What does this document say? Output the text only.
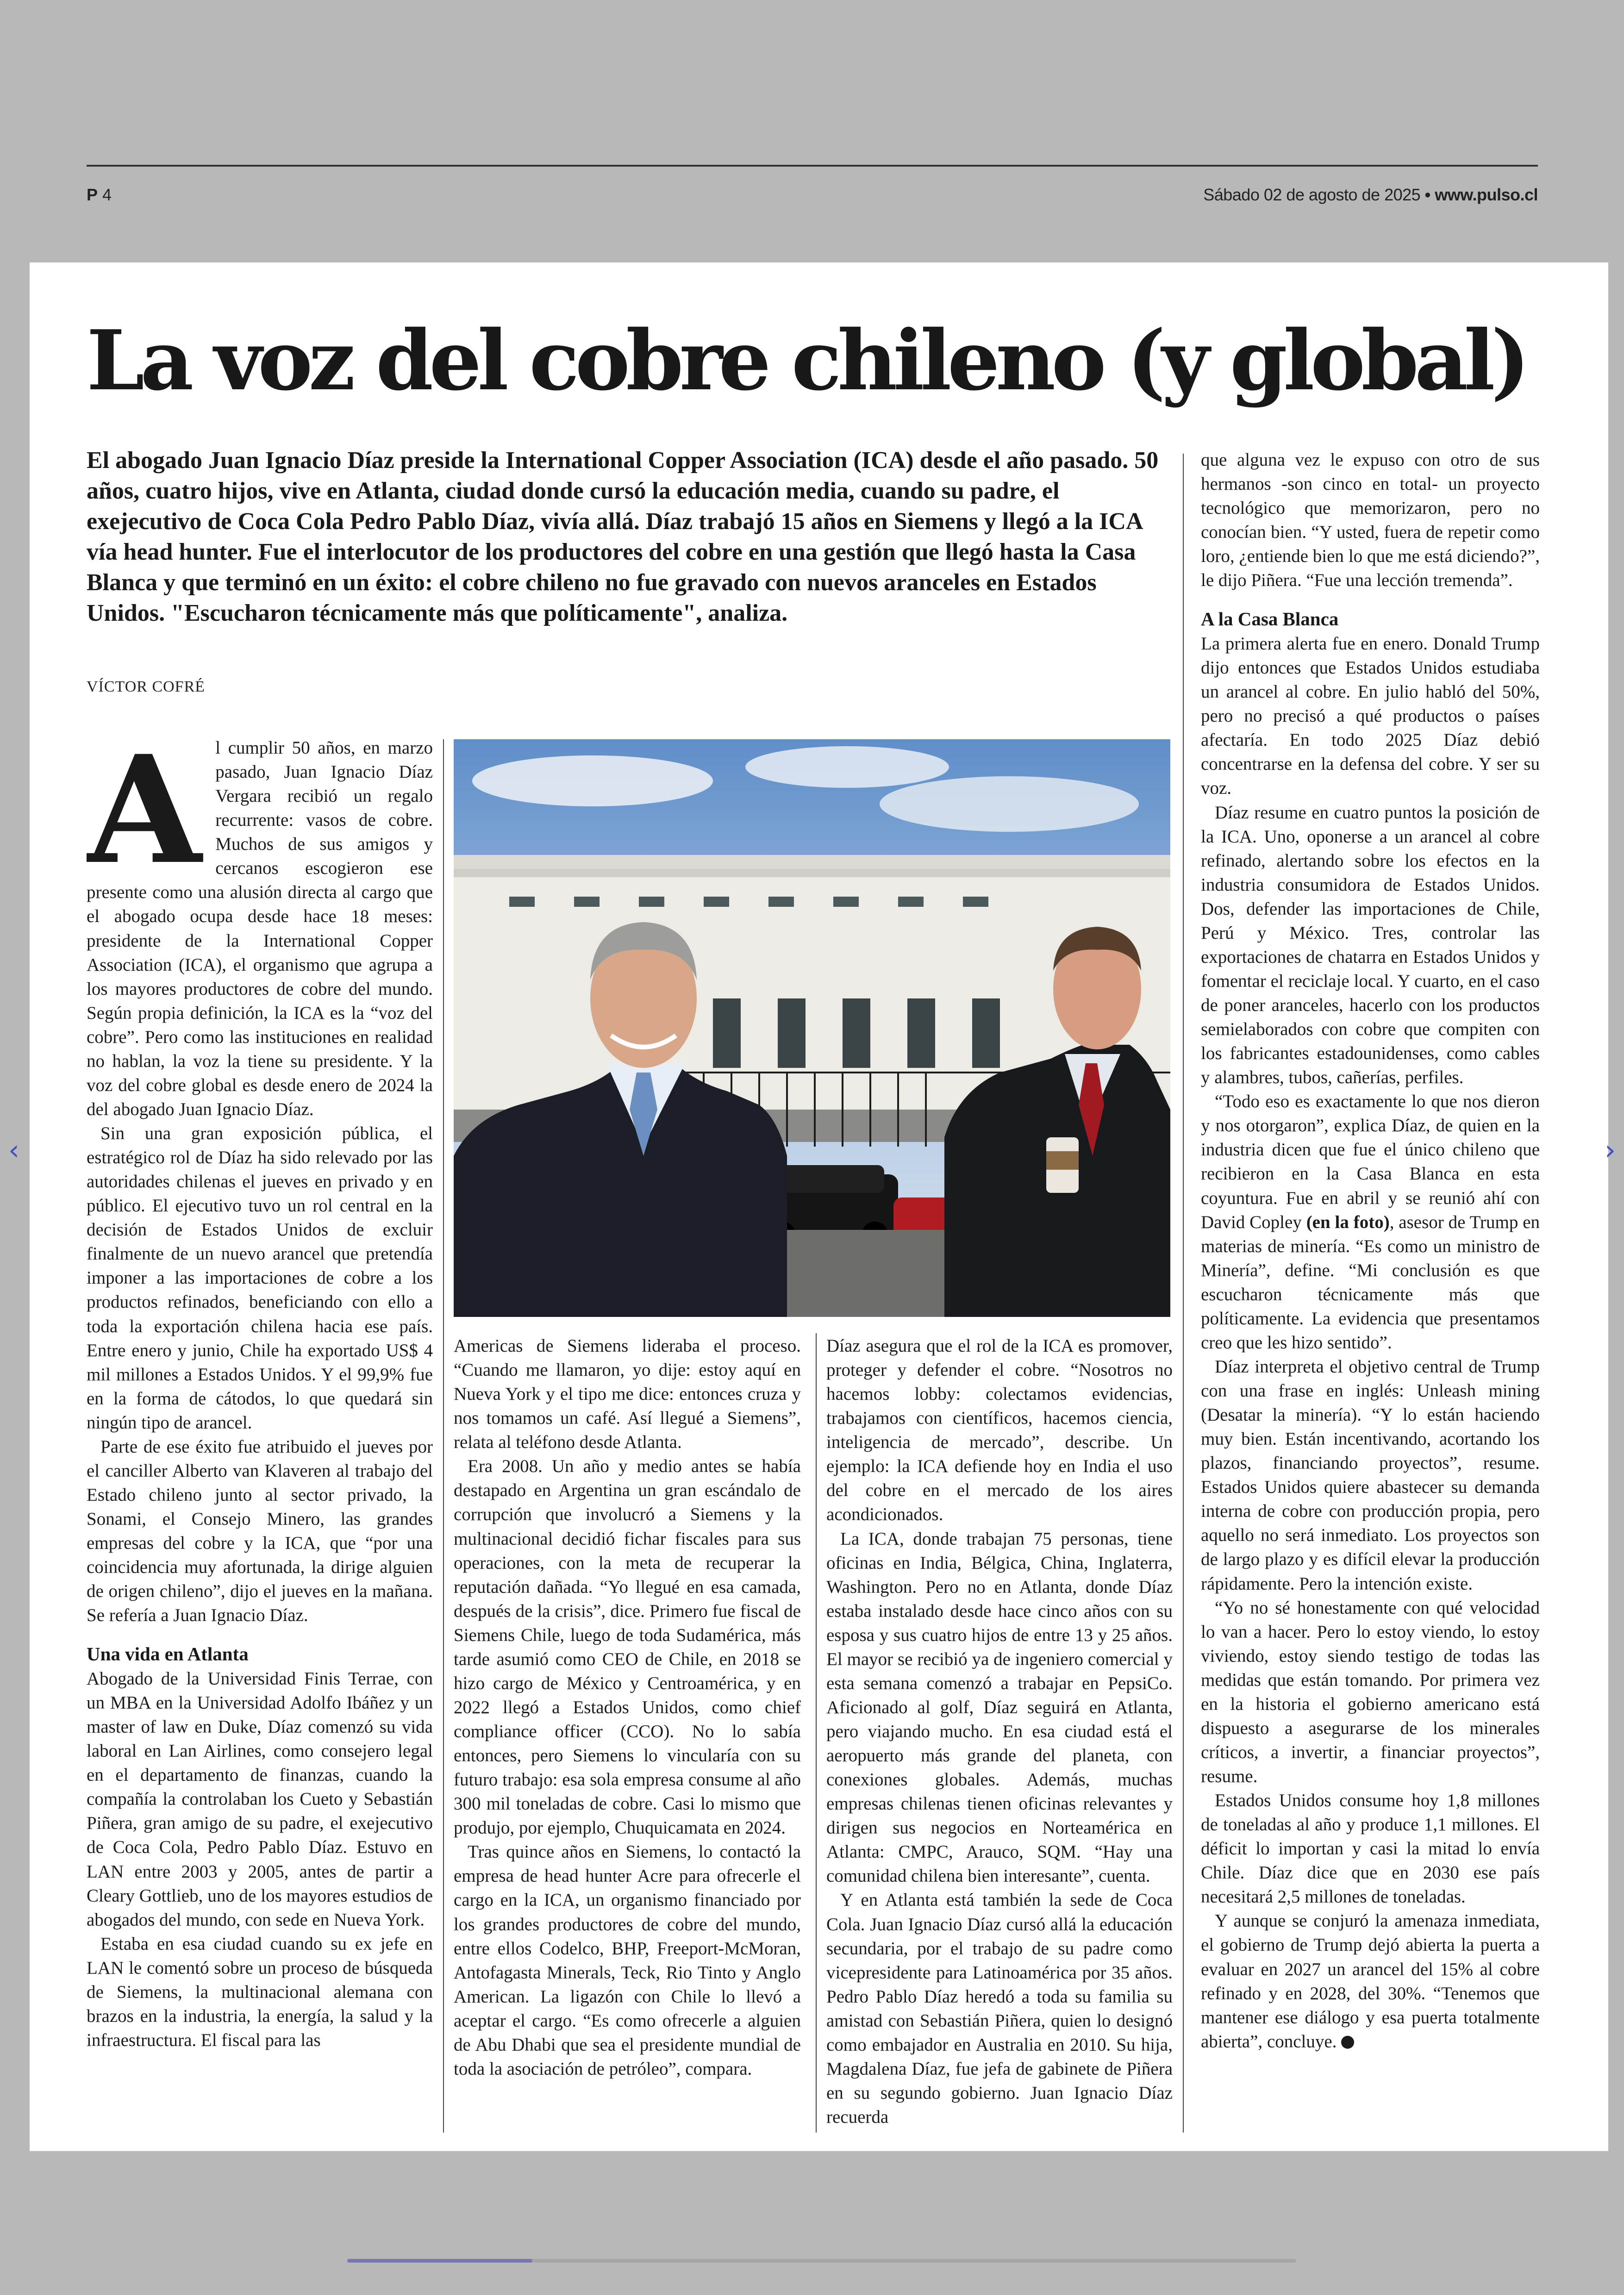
P 4	Sábado 02 de agosto de 2025 • www.pulso.cl
‹	›
La voz del cobre chileno (y global)

El abogado Juan Ignacio Díaz preside la International Copper Association (ICA) desde el año pasado. 50 años, cuatro hijos, vive en Atlanta, ciudad donde cursó la educación media, cuando su padre, el exejecutivo de Coca Cola Pedro Pablo Díaz, vivía allá. Díaz trabajó 15 años en Siemens y llegó a la ICA vía head hunter. Fue el interlocutor de los productores del cobre en una gestión que llegó hasta la Casa Blanca y que terminó en un éxito: el cobre chileno no fue gravado con nuevos aranceles en Estados Unidos. "Escucharon técnicamente más que políticamente", analiza.

VÍCTOR COFRÉ

Al cumplir 50 años, en marzo pasado, Juan Ignacio Díaz Vergara recibió un regalo recurrente: vasos de cobre. Muchos de sus amigos y cercanos escogieron ese presente como una alusión directa al cargo que el abogado ocupa desde hace 18 meses: presidente de la International Copper Association (ICA), el organismo que agrupa a los mayores productores de cobre del mundo. Según propia definición, la ICA es la “voz del cobre”. Pero como las instituciones en realidad no hablan, la voz la tiene su presidente. Y la voz del cobre global es desde enero de 2024 la del abogado Juan Ignacio Díaz.

Sin una gran exposición pública, el estratégico rol de Díaz ha sido relevado por las autoridades chilenas el jueves en privado y en público. El ejecutivo tuvo un rol central en la decisión de Estados Unidos de excluir finalmente de un nuevo arancel que pretendía imponer a las importaciones de cobre a los productos refinados, beneficiando con ello a toda la exportación chilena hacia ese país. Entre enero y junio, Chile ha exportado US$ 4 mil millones a Estados Unidos. Y el 99,9% fue en la forma de cátodos, lo que quedará sin ningún tipo de arancel.

Parte de ese éxito fue atribuido el jueves por el canciller Alberto van Klaveren al trabajo del Estado chileno junto al sector privado, la Sonami, el Consejo Minero, las grandes empresas del cobre y la ICA, que “por una coincidencia muy afortunada, la dirige alguien de origen chileno”, dijo el jueves en la mañana. Se refería a Juan Ignacio Díaz.

Una vida en Atlanta

Abogado de la Universidad Finis Terrae, con un MBA en la Universidad Adolfo Ibáñez y un master of law en Duke, Díaz comenzó su vida laboral en Lan Airlines, como consejero legal en el departamento de finanzas, cuando la compañía la controlaban los Cueto y Sebastián Piñera, gran amigo de su padre, el exejecutivo de Coca Cola, Pedro Pablo Díaz. Estuvo en LAN entre 2003 y 2005, antes de partir a Cleary Gottlieb, uno de los mayores estudios de abogados del mundo, con sede en Nueva York.

Estaba en esa ciudad cuando su ex jefe en LAN le comentó sobre un proceso de búsqueda de Siemens, la multinacional alemana con brazos en la industria, la energía, la salud y la infraestructura. El fiscal para las

Americas de Siemens lideraba el proceso. “Cuando me llamaron, yo dije: estoy aquí en Nueva York y el tipo me dice: entonces cruza y nos tomamos un café. Así llegué a Siemens”, relata al teléfono desde Atlanta.

Era 2008. Un año y medio antes se había destapado en Argentina un gran escándalo de corrupción que involucró a Siemens y la multinacional decidió fichar fiscales para sus operaciones, con la meta de recuperar la reputación dañada. “Yo llegué en esa camada, después de la crisis”, dice. Primero fue fiscal de Siemens Chile, luego de toda Sudamérica, más tarde asumió como CEO de Chile, en 2018 se hizo cargo de México y Centroamérica, y en 2022 llegó a Estados Unidos, como chief compliance officer (CCO). No lo sabía entonces, pero Siemens lo vincularía con su futuro trabajo: esa sola empresa consume al año 300 mil toneladas de cobre. Casi lo mismo que produjo, por ejemplo, Chuquicamata en 2024.

Tras quince años en Siemens, lo contactó la empresa de head hunter Acre para ofrecerle el cargo en la ICA, un organismo financiado por los grandes productores de cobre del mundo, entre ellos Codelco, BHP, Freeport-McMoran, Antofagasta Minerals, Teck, Rio Tinto y Anglo American. La ligazón con Chile lo llevó a aceptar el cargo. “Es como ofrecerle a alguien de Abu Dhabi que sea el presidente mundial de toda la asociación de petróleo”, compara.

Díaz asegura que el rol de la ICA es promover, proteger y defender el cobre. “Nosotros no hacemos lobby: colectamos evidencias, trabajamos con científicos, hacemos ciencia, inteligencia de mercado”, describe. Un ejemplo: la ICA defiende hoy en India el uso del cobre en el mercado de los aires acondicionados.

La ICA, donde trabajan 75 personas, tiene oficinas en India, Bélgica, China, Inglaterra, Washington. Pero no en Atlanta, donde Díaz estaba instalado desde hace cinco años con su esposa y sus cuatro hijos de entre 13 y 25 años. El mayor se recibió ya de ingeniero comercial y esta semana comenzó a trabajar en PepsiCo. Aficionado al golf, Díaz seguirá en Atlanta, pero viajando mucho. En esa ciudad está el aeropuerto más grande del planeta, con conexiones globales. Además, muchas empresas chilenas tienen oficinas relevantes y dirigen sus negocios en Norteamérica en Atlanta: CMPC, Arauco, SQM. “Hay una comunidad chilena bien interesante”, cuenta.

Y en Atlanta está también la sede de Coca Cola. Juan Ignacio Díaz cursó allá la educación secundaria, por el trabajo de su padre como vicepresidente para Latinoamérica por 35 años. Pedro Pablo Díaz heredó a toda su familia su amistad con Sebastián Piñera, quien lo designó como embajador en Australia en 2010. Su hija, Magdalena Díaz, fue jefa de gabinete de Piñera en su segundo gobierno. Juan Ignacio Díaz recuerda

que alguna vez le expuso con otro de sus hermanos -son cinco en total- un proyecto tecnológico que memorizaron, pero no conocían bien. “Y usted, fuera de repetir como loro, ¿entiende bien lo que me está diciendo?”, le dijo Piñera. “Fue una lección tremenda”.

A la Casa Blanca

La primera alerta fue en enero. Donald Trump dijo entonces que Estados Unidos estudiaba un arancel al cobre. En julio habló del 50%, pero no precisó a qué productos o países afectaría. En todo 2025 Díaz debió concentrarse en la defensa del cobre. Y ser su voz.

Díaz resume en cuatro puntos la posición de la ICA. Uno, oponerse a un arancel al cobre refinado, alertando sobre los efectos en la industria consumidora de Estados Unidos. Dos, defender las importaciones de Chile, Perú y México. Tres, controlar las exportaciones de chatarra en Estados Unidos y fomentar el reciclaje local. Y cuarto, en el caso de poner aranceles, hacerlo con los productos semielaborados con cobre que compiten con los fabricantes estadounidenses, como cables y alambres, tubos, cañerías, perfiles.

“Todo eso es exactamente lo que nos dieron y nos otorgaron”, explica Díaz, de quien en la industria dicen que fue el único chileno que recibieron en la Casa Blanca en esta coyuntura. Fue en abril y se reunió ahí con David Copley (en la foto), asesor de Trump en materias de minería. “Es como un ministro de Minería”, define. “Mi conclusión es que escucharon técnicamente más que políticamente. La evidencia que presentamos creo que les hizo sentido”.

Díaz interpreta el objetivo central de Trump con una frase en inglés: Unleash mining (Desatar la minería). “Y lo están haciendo muy bien. Están incentivando, acortando los plazos, financiando proyectos”, resume. Estados Unidos quiere abastecer su demanda interna de cobre con producción propia, pero aquello no será inmediato. Los proyectos son de largo plazo y es difícil elevar la producción rápidamente. Pero la intención existe.

“Yo no sé honestamente con qué velocidad lo van a hacer. Pero lo estoy viendo, lo estoy viviendo, estoy siendo testigo de todas las medidas que están tomando. Por primera vez en la historia el gobierno americano está dispuesto a asegurarse de los minerales críticos, a invertir, a financiar proyectos”, resume.

Estados Unidos consume hoy 1,8 millones de toneladas al año y produce 1,1 millones. El déficit lo importan y casi la mitad lo envía Chile. Díaz dice que en 2030 ese país necesitará 2,5 millones de toneladas.

Y aunque se conjuró la amenaza inmediata, el gobierno de Trump dejó abierta la puerta a evaluar en 2027 un arancel del 15% al cobre refinado y en 2028, del 30%. “Tenemos que mantener ese diálogo y esa puerta totalmente abierta”, concluye.
